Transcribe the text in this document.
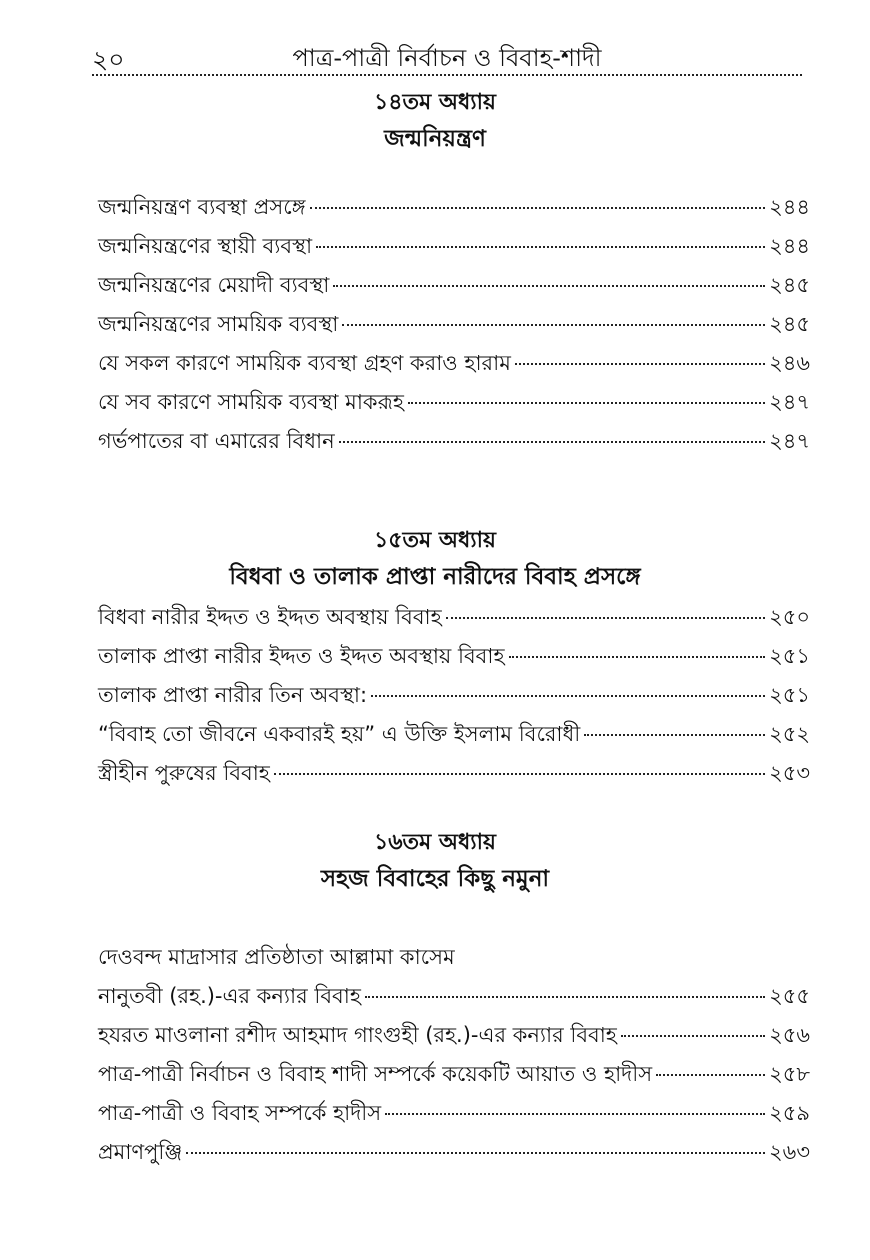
২০	পাত্র-পাত্রী নির্বাচন ও বিবাহ-শাদী
১৪তম অধ্যায়
জন্মনিয়ন্ত্রণ
জন্মনিয়ন্ত্রণ ব্যবস্থা প্রসঙ্গে	২৪৪
জন্মনিয়ন্ত্রণের স্থায়ী ব্যবস্থা	২৪৪
জন্মনিয়ন্ত্রণের মেয়াদী ব্যবস্থা	২৪৫
জন্মনিয়ন্ত্রণের সাময়িক ব্যবস্থা	২৪৫
যে সকল কারণে সাময়িক ব্যবস্থা গ্রহণ করাও হারাম	২৪৬
যে সব কারণে সাময়িক ব্যবস্থা মাকরূহ	২৪৭
গর্ভপাতের বা এমারের বিধান	২৪৭
১৫তম অধ্যায়
বিধবা ও তালাক প্রাপ্তা নারীদের বিবাহ প্রসঙ্গে
বিধবা নারীর ইদ্দত ও ইদ্দত অবস্থায় বিবাহ	২৫০
তালাক প্রাপ্তা নারীর ইদ্দত ও ইদ্দত অবস্থায় বিবাহ	২৫১
তালাক প্রাপ্তা নারীর তিন অবস্থা:	২৫১
“বিবাহ তো জীবনে একবারই হয়” এ উক্তি ইসলাম বিরোধী	২৫২
স্ত্রীহীন পুরুষের বিবাহ	২৫৩
১৬তম অধ্যায়
সহজ বিবাহের কিছু নমুনা
দেওবন্দ মাদ্রাসার প্রতিষ্ঠাতা আল্লামা কাসেম
নানুতবী (রহ.)-এর কন্যার বিবাহ	২৫৫
হযরত মাওলানা রশীদ আহমাদ গাংগুহী (রহ.)-এর কন্যার বিবাহ	২৫৬
পাত্র-পাত্রী নির্বাচন ও বিবাহ শাদী সম্পর্কে কয়েকটি আয়াত ও হাদীস	২৫৮
পাত্র-পাত্রী ও বিবাহ সম্পর্কে হাদীস	২৫৯
প্রমাণপুঞ্জি	২৬৩
